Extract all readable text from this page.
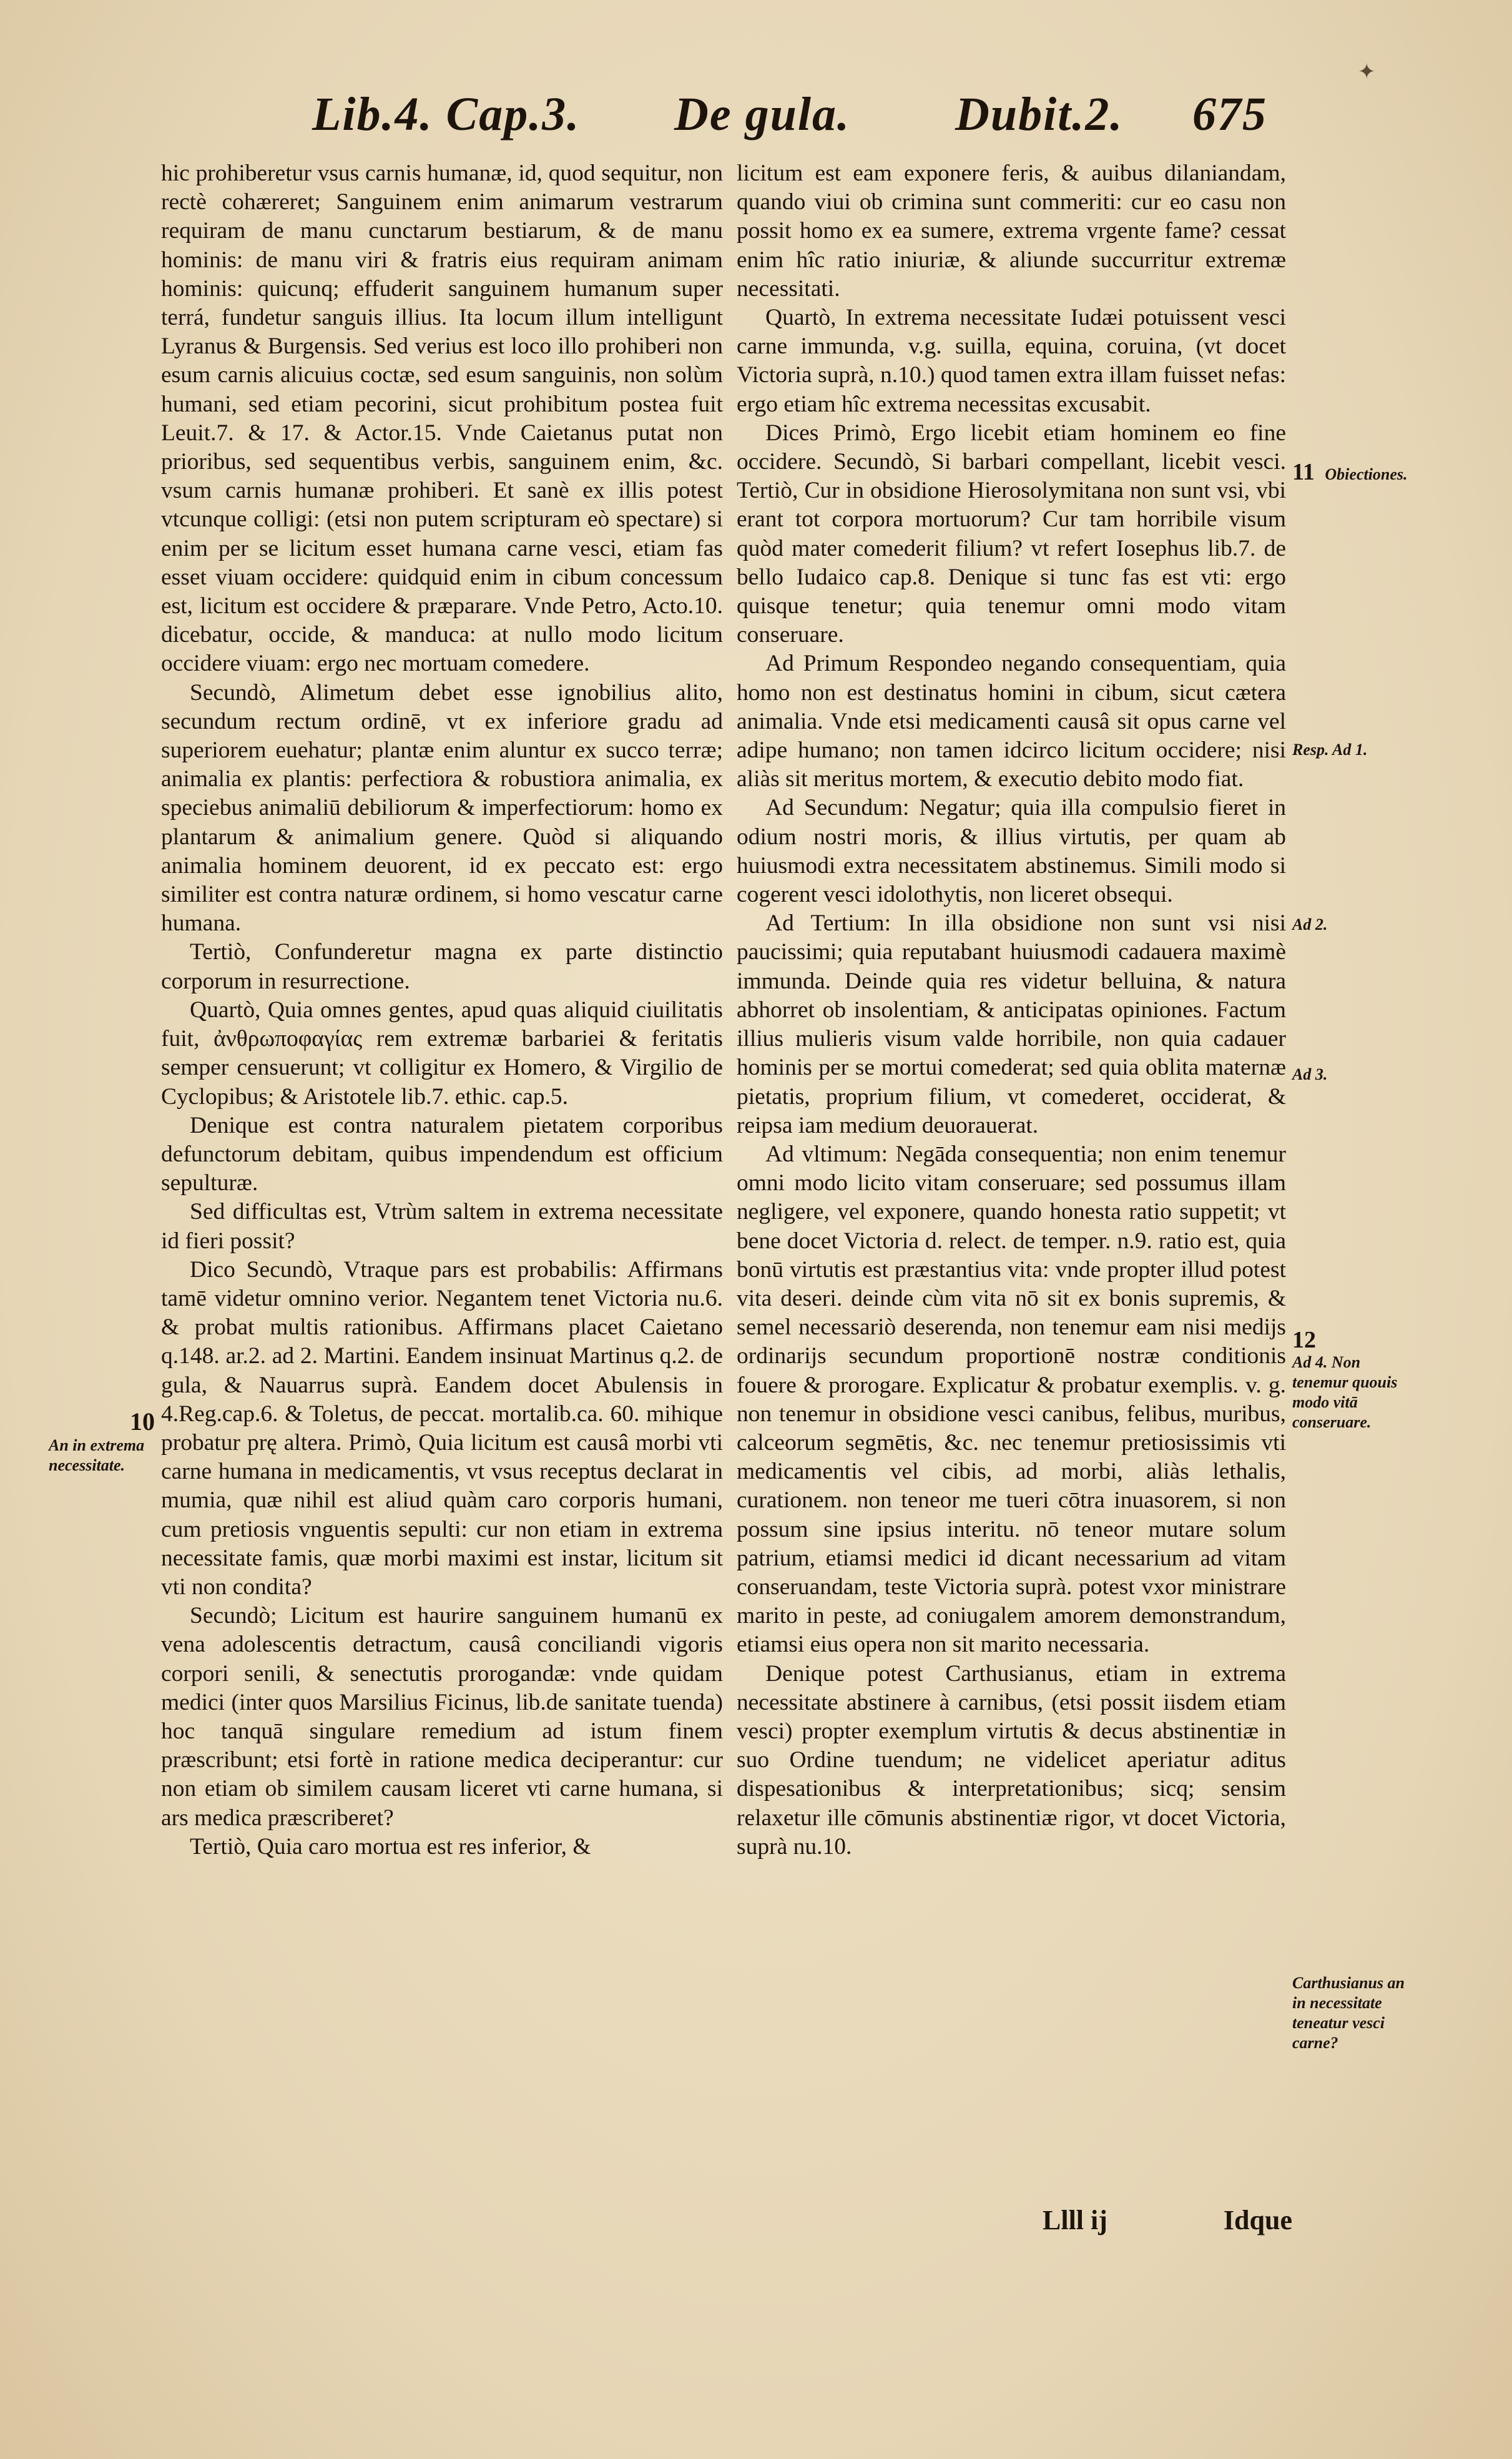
✦
Lib.4. Cap.3. De gula. Dubit.2. 675

hic prohiberetur vsus carnis humanæ, id, quod sequitur, non rectè cohæreret; Sanguinem enim animarum vestrarum requiram de manu cunctarum bestiarum, & de manu hominis: de manu viri & fratris eius requiram animam hominis: quicunq; effuderit sanguinem humanum super terrá, fundetur sanguis illius. Ita locum illum intelligunt Lyranus & Burgensis. Sed verius est loco illo prohiberi non esum carnis alicuius coctæ, sed esum sanguinis, non solùm humani, sed etiam pecorini, sicut prohibitum postea fuit Leuit.7. & 17. & Actor.15. Vnde Caietanus putat non prioribus, sed sequentibus verbis, sanguinem enim, &c. vsum carnis humanæ prohiberi. Et sanè ex illis potest vtcunque colligi: (etsi non putem scripturam eò spectare) si enim per se licitum esset humana carne vesci, etiam fas esset viuam occidere: quidquid enim in cibum concessum est, licitum est occidere & præparare. Vnde Petro, Acto.10. dicebatur, occide, & manduca: at nullo modo licitum occidere viuam: ergo nec mortuam comedere.

Secundò, Alimetum debet esse ignobilius alito, secundum rectum ordinē, vt ex inferiore gradu ad superiorem euehatur; plantæ enim aluntur ex succo terræ; animalia ex plantis: perfectiora & robustiora animalia, ex speciebus animaliū debiliorum & imperfectiorum: homo ex plantarum & animalium genere. Quòd si aliquando animalia hominem deuorent, id ex peccato est: ergo similiter est contra naturæ ordinem, si homo vescatur carne humana.

Tertiò, Confunderetur magna ex parte distinctio corporum in resurrectione.

Quartò, Quia omnes gentes, apud quas aliquid ciuilitatis fuit, ἀνθρωποφαγίας rem extremæ barbariei & feritatis semper censuerunt; vt colligitur ex Homero, & Virgilio de Cyclopibus; & Aristotele lib.7. ethic. cap.5.

Denique est contra naturalem pietatem corporibus defunctorum debitam, quibus impendendum est officium sepulturæ.

Sed difficultas est, Vtrùm saltem in extrema necessitate id fieri possit?

Dico Secundò, Vtraque pars est probabilis: Affirmans tamē videtur omnino verior. Negantem tenet Victoria nu.6. & probat multis rationibus. Affirmans placet Caietano q.148. ar.2. ad 2. Martini. Eandem insinuat Martinus q.2. de gula, & Nauarrus suprà. Eandem docet Abulensis in 4.Reg.cap.6. & Toletus, de peccat. mortalib.ca. 60. mihique probatur prę altera. Primò, Quia licitum est causâ morbi vti carne humana in medicamentis, vt vsus receptus declarat in mumia, quæ nihil est aliud quàm caro corporis humani, cum pretiosis vnguentis sepulti: cur non etiam in extrema necessitate famis, quæ morbi maximi est instar, licitum sit vti non condita?

Secundò; Licitum est haurire sanguinem humanū ex vena adolescentis detractum, causâ conciliandi vigoris corpori senili, & senectutis prorogandæ: vnde quidam medici (inter quos Marsilius Ficinus, lib.de sanitate tuenda) hoc tanquā singulare remedium ad istum finem præscribunt; etsi fortè in ratione medica deciperantur: cur non etiam ob similem causam liceret vti carne humana, si ars medica præscriberet?

Tertiò, Quia caro mortua est res inferior, &

licitum est eam exponere feris, & auibus dilaniandam, quando viui ob crimina sunt commeriti: cur eo casu non possit homo ex ea sumere, extrema vrgente fame? cessat enim hîc ratio iniuriæ, & aliunde succurritur extremæ necessitati.

Quartò, In extrema necessitate Iudæi potuissent vesci carne immunda, v.g. suilla, equina, coruina, (vt docet Victoria suprà, n.10.) quod tamen extra illam fuisset nefas: ergo etiam hîc extrema necessitas excusabit.

Dices Primò, Ergo licebit etiam hominem eo fine occidere. Secundò, Si barbari compellant, licebit vesci. Tertiò, Cur in obsidione Hierosolymitana non sunt vsi, vbi erant tot corpora mortuorum? Cur tam horribile visum quòd mater comederit filium? vt refert Iosephus lib.7. de bello Iudaico cap.8. Denique si tunc fas est vti: ergo quisque tenetur; quia tenemur omni modo vitam conseruare.

Ad Primum Respondeo negando consequentiam, quia homo non est destinatus homini in cibum, sicut cætera animalia. Vnde etsi medicamenti causâ sit opus carne vel adipe humano; non tamen idcirco licitum occidere; nisi aliàs sit meritus mortem, & executio debito modo fiat.

Ad Secundum: Negatur; quia illa compulsio fieret in odium nostri moris, & illius virtutis, per quam ab huiusmodi extra necessitatem abstinemus. Simili modo si cogerent vesci idolothytis, non liceret obsequi.

Ad Tertium: In illa obsidione non sunt vsi nisi paucissimi; quia reputabant huiusmodi cadauera maximè immunda. Deinde quia res videtur belluina, & natura abhorret ob insolentiam, & anticipatas opiniones. Factum illius mulieris visum valde horribile, non quia cadauer hominis per se mortui comederat; sed quia oblita maternæ pietatis, proprium filium, vt comederet, occiderat, & reipsa iam medium deuorauerat.

Ad vltimum: Negāda consequentia; non enim tenemur omni modo licito vitam conseruare; sed possumus illam negligere, vel exponere, quando honesta ratio suppetit; vt bene docet Victoria d. relect. de temper. n.9. ratio est, quia bonū virtutis est præstantius vita: vnde propter illud potest vita deseri. deinde cùm vita nō sit ex bonis supremis, & semel necessariò deserenda, non tenemur eam nisi medijs ordinarijs secundum proportionē nostræ conditionis fouere & prorogare. Explicatur & probatur exemplis. v. g. non tenemur in obsidione vesci canibus, felibus, muribus, calceorum segmētis, &c. nec tenemur pretiosissimis vti medicamentis vel cibis, ad morbi, aliàs lethalis, curationem. non teneor me tueri cōtra inuasorem, si non possum sine ipsius interitu. nō teneor mutare solum patrium, etiamsi medici id dicant necessarium ad vitam conseruandam, teste Victoria suprà. potest vxor ministrare marito in peste, ad coniugalem amorem demonstrandum, etiamsi eius opera non sit marito necessaria.

Denique potest Carthusianus, etiam in extrema necessitate abstinere à carnibus, (etsi possit iisdem etiam vesci) propter exemplum virtutis & decus abstinentiæ in suo Ordine tuendum; ne videlicet aperiatur aditus dispesationibus & interpretationibus; sicq; sensim relaxetur ille cōmunis abstinentiæ rigor, vt docet Victoria, suprà nu.10.

10
An in extrema necessitate.
11 Obiectiones.
Resp. Ad 1.
Ad 2.
Ad 3.
12
Ad 4. Non tenemur quouis modo vitā conseruare.
Carthusianus an in necessitate teneatur vesci carne?
Llll ij	Idque
